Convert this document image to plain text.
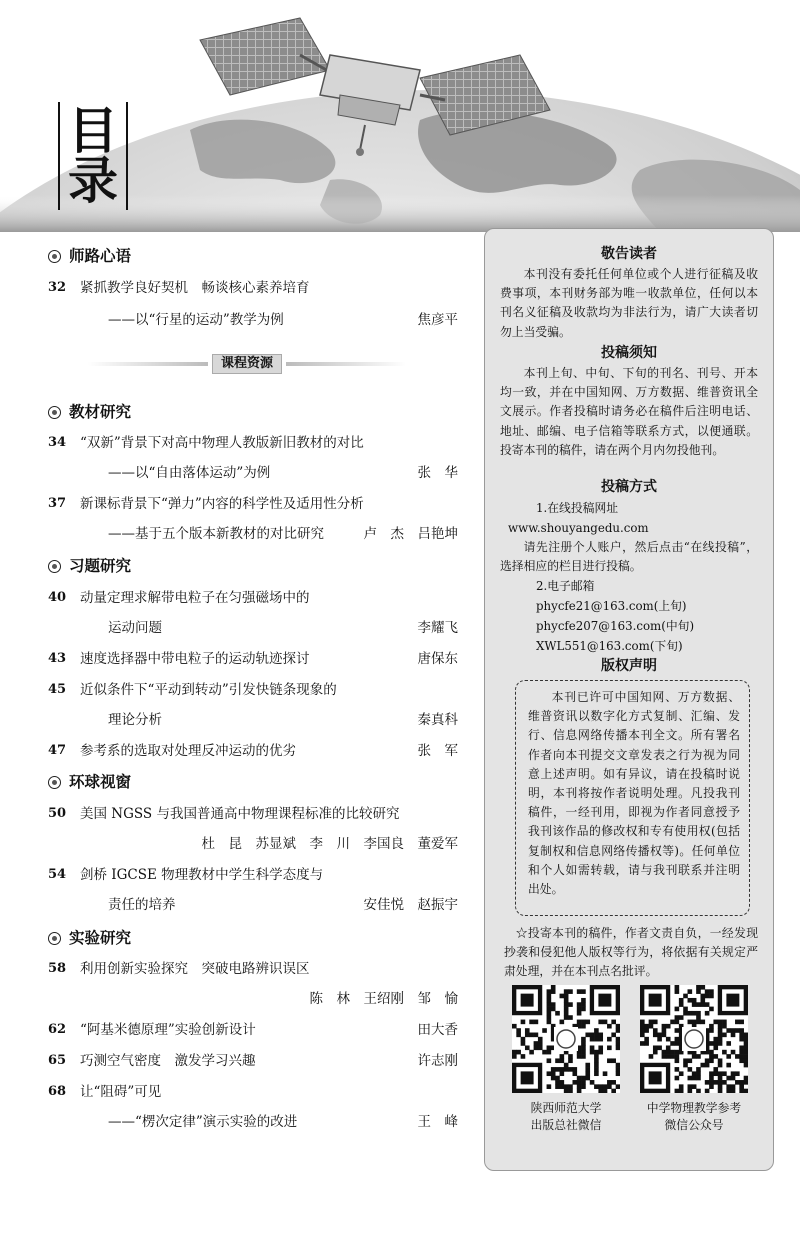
目
录
师路心语
32 紧抓教学良好契机　畅谈核心素养培育
——以“行星的运动”教学为例	焦彦平
课程资源
教材研究
34 “双新”背景下对高中物理人教版新旧教材的对比
——以“自由落体运动”为例	张　华
37 新课标背景下“弹力”内容的科学性及适用性分析
——基于五个版本新教材的对比研究	卢　杰　吕艳坤
习题研究
40 动量定理求解带电粒子在匀强磁场中的
运动问题	李耀飞
43 速度选择器中带电粒子的运动轨迹探讨	唐保东
45 近似条件下“平动到转动”引发快链条现象的
理论分析	秦真科
47 参考系的选取对处理反冲运动的优劣	张　军
环球视窗
50 美国 NGSS 与我国普通高中物理课程标准的比较研究
杜　昆　苏显斌　李　川　李国良　董爱军
54 剑桥 IGCSE 物理教材中学生科学态度与
责任的培养	安佳悦　赵振宇
实验研究
58 利用创新实验探究　突破电路辨识误区
陈　林　王绍刚　邹　愉
62 “阿基米德原理”实验创新设计	田大香
65 巧测空气密度　激发学习兴趣	许志刚
68 让“阻碍”可见
——“楞次定律”演示实验的改进	王　峰
敬告读者

本刊没有委托任何单位或个人进行征稿及收费事项，本刊财务部为唯一收款单位，任何以本刊名义征稿及收款均为非法行为，请广大读者切勿上当受骗。

投稿须知

本刊上旬、中旬、下旬的刊名、刊号、开本均一致，并在中国知网、万方数据、维普资讯全文展示。作者投稿时请务必在稿件后注明电话、地址、邮编、电子信箱等联系方式，以便通联。投寄本刊的稿件，请在两个月内勿投他刊。

投稿方式
1.在线投稿网址
www.shouyangedu.com

请先注册个人账户，然后点击“在线投稿”，选择相应的栏目进行投稿。

2.电子邮箱
phycfe21@163.com(上旬)
phycfe207@163.com(中旬)
XWL551@163.com(下旬)
版权声明

本刊已许可中国知网、万方数据、维普资讯以数字化方式复制、汇编、发行、信息网络传播本刊全文。所有署名作者向本刊提交文章发表之行为视为同意上述声明。如有异议，请在投稿时说明，本刊将按作者说明处理。凡投我刊稿件，一经刊用，即视为作者同意授予我刊该作品的修改权和专有使用权(包括复制权和信息网络传播权等)。任何单位和个人如需转载，请与我刊联系并注明出处。

☆投寄本刊的稿件，作者文责自负，一经发现抄袭和侵犯他人版权等行为，将依据有关规定严肃处理，并在本刊点名批评。

陕西师范大学
出版总社微信
中学物理教学参考
微信公众号
